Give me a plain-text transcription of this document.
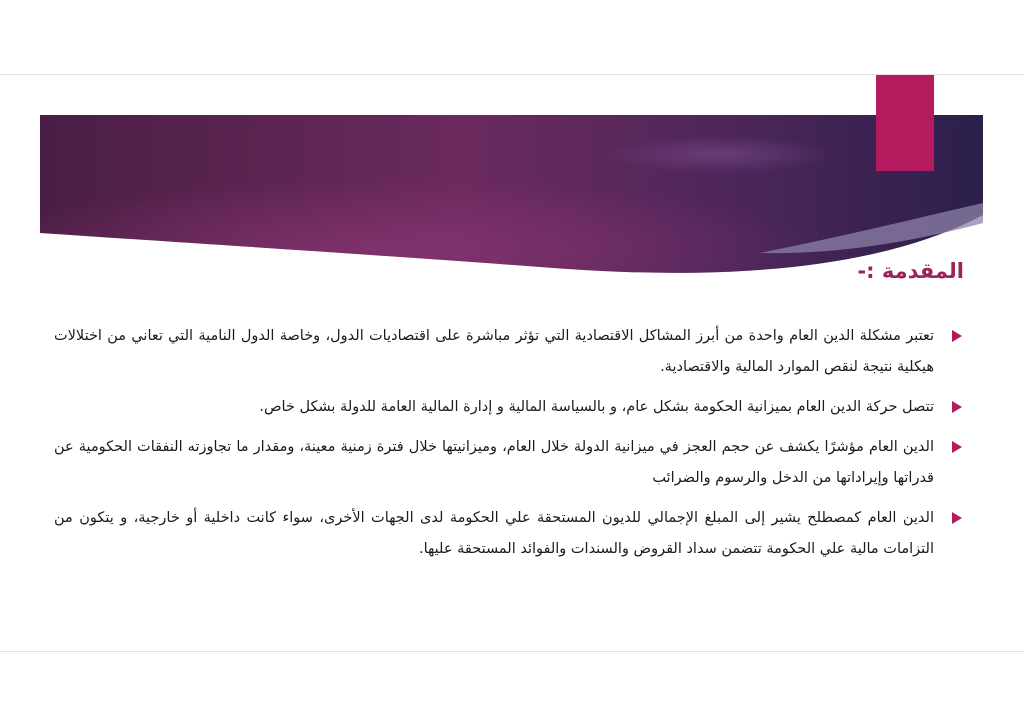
المقدمة :-
تعتبر مشكلة الدين العام واحدة من أبرز المشاكل الاقتصادية التي تؤثر مباشرة على اقتصاديات الدول، وخاصة الدول النامية التي تعاني من اختلالات هيكلية نتيجة لنقص الموارد المالية والاقتصادية.
تتصل حركة الدين العام بميزانية الحكومة بشكل عام، و بالسياسة المالية و إدارة المالية العامة للدولة بشكل خاص.
الدين العام مؤشرًا يكشف عن حجم العجز في ميزانية الدولة خلال العام، وميزانيتها خلال فترة زمنية معينة، ومقدار ما تجاوزته النفقات الحكومية عن قدراتها وإيراداتها من الدخل والرسوم والضرائب
الدين العام كمصطلح يشير إلى المبلغ الإجمالي للديون المستحقة علي الحكومة لدى الجهات الأخرى، سواء كانت داخلية أو خارجية، و يتكون من التزامات مالية علي الحكومة تتضمن سداد القروض والسندات والفوائد المستحقة عليها.
